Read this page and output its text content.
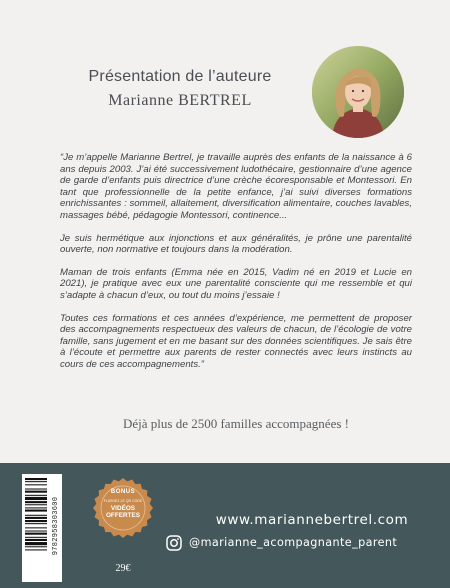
Présentation de l’auteure
Marianne BERTREL

“Je m’appelle Marianne Bertrel, je travaille auprès des enfants de la naissance à 6 ans depuis 2003. J’ai été successivement ludothécaire, gestionnaire d’une agence de garde d’enfants puis directrice d’une crèche écoresponsable et Montessori. En tant que professionnelle de la petite enfance, j’ai suivi diverses formations enrichissantes : sommeil, allaitement, diversification alimentaire, couches lavables, massages bébé, pédagogie Montessori, continence...

Je suis hermétique aux injonctions et aux généralités, je prône une parentalité ouverte, non normative et toujours dans la modération.

Maman de trois enfants (Emma née en 2015, Vadim né en 2019 et Lucie en 2021), je pratique avec eux une parentalité consciente qui me ressemble et qui s’adapte à chacun d’eux, ou tout du moins j’essaie !

Toutes ces formations et ces années d’expérience, me permettent de proposer des accompagnements respectueux des valeurs de chacun, de l’écologie de votre famille, sans jugement et en me basant sur des données scientifiques. Je sais être à l’écoute et permettre aux parents de rester connectés avec leurs instincts au cours de ces accompagnements.”

Déjà plus de 2500 familles accompagnées !
9782958303600
BONUS
FLASHEZ LE QR CODE
VIDÉOS
OFFERTES
29€
www.mariannebertrel.com
@marianne_acompagnante_parent
